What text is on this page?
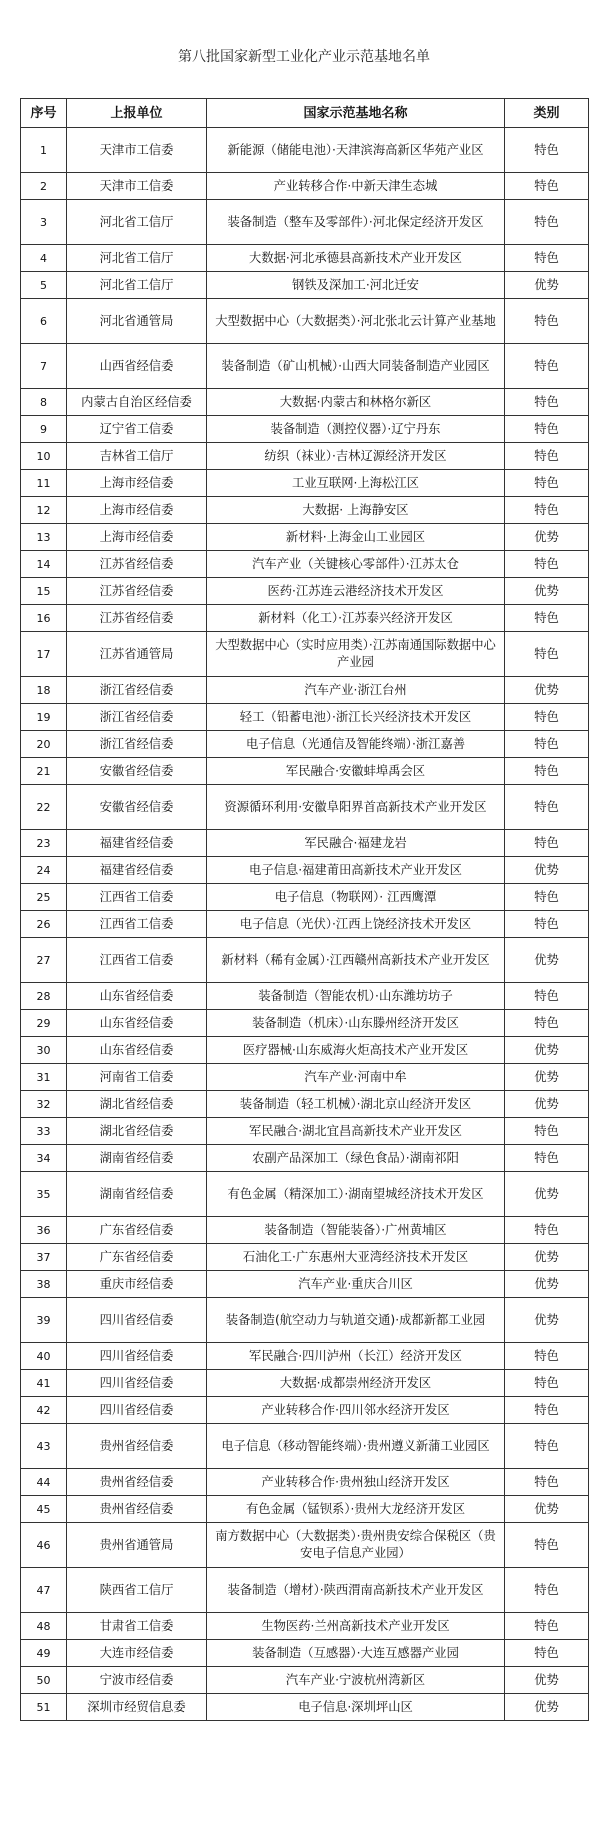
第八批国家新型工业化产业示范基地名单
序号	上报单位	国家示范基地名称	类别
1	天津市工信委	新能源（储能电池）·天津滨海高新区华苑产业区	特色
2	天津市工信委	产业转移合作·中新天津生态城	特色
3	河北省工信厅	装备制造（整车及零部件）·河北保定经济开发区	特色
4	河北省工信厅	大数据·河北承德县高新技术产业开发区	特色
5	河北省工信厅	钢铁及深加工·河北迁安	优势
6	河北省通管局	大型数据中心（大数据类）·河北张北云计算产业基地	特色
7	山西省经信委	装备制造（矿山机械）·山西大同装备制造产业园区	特色
8	内蒙古自治区经信委	大数据·内蒙古和林格尔新区	特色
9	辽宁省工信委	装备制造（测控仪器）·辽宁丹东	特色
10	吉林省工信厅	纺织（袜业）·吉林辽源经济开发区	特色
11	上海市经信委	工业互联网·上海松江区	特色
12	上海市经信委	大数据· 上海静安区	特色
13	上海市经信委	新材料·上海金山工业园区	优势
14	江苏省经信委	汽车产业（关键核心零部件）·江苏太仓	特色
15	江苏省经信委	医药·江苏连云港经济技术开发区	优势
16	江苏省经信委	新材料（化工）·江苏泰兴经济开发区	特色
17	江苏省通管局	大型数据中心（实时应用类）·江苏南通国际数据中心产业园	特色
18	浙江省经信委	汽车产业·浙江台州	优势
19	浙江省经信委	轻工（铅蓄电池）·浙江长兴经济技术开发区	特色
20	浙江省经信委	电子信息（光通信及智能终端）·浙江嘉善	特色
21	安徽省经信委	军民融合·安徽蚌埠禹会区	特色
22	安徽省经信委	资源循环利用·安徽阜阳界首高新技术产业开发区	特色
23	福建省经信委	军民融合·福建龙岩	特色
24	福建省经信委	电子信息·福建莆田高新技术产业开发区	优势
25	江西省工信委	电子信息（物联网）· 江西鹰潭	特色
26	江西省工信委	电子信息（光伏）·江西上饶经济技术开发区	特色
27	江西省工信委	新材料（稀有金属）·江西赣州高新技术产业开发区	优势
28	山东省经信委	装备制造（智能农机）·山东潍坊坊子	特色
29	山东省经信委	装备制造（机床）·山东滕州经济开发区	特色
30	山东省经信委	医疗器械·山东威海火炬高技术产业开发区	优势
31	河南省工信委	汽车产业·河南中牟	优势
32	湖北省经信委	装备制造（轻工机械）·湖北京山经济开发区	优势
33	湖北省经信委	军民融合·湖北宜昌高新技术产业开发区	特色
34	湖南省经信委	农副产品深加工（绿色食品）·湖南祁阳	特色
35	湖南省经信委	有色金属（精深加工）·湖南望城经济技术开发区	优势
36	广东省经信委	装备制造（智能装备）·广州黄埔区	特色
37	广东省经信委	石油化工·广东惠州大亚湾经济技术开发区	优势
38	重庆市经信委	汽车产业·重庆合川区	优势
39	四川省经信委	装备制造(航空动力与轨道交通)·成都新都工业园	优势
40	四川省经信委	军民融合·四川泸州（长江）经济开发区	特色
41	四川省经信委	大数据·成都崇州经济开发区	特色
42	四川省经信委	产业转移合作·四川邻水经济开发区	特色
43	贵州省经信委	电子信息（移动智能终端）·贵州遵义新蒲工业园区	特色
44	贵州省经信委	产业转移合作·贵州独山经济开发区	特色
45	贵州省经信委	有色金属（锰钡系）·贵州大龙经济开发区	优势
46	贵州省通管局	南方数据中心（大数据类）·贵州贵安综合保税区（贵安电子信息产业园）	特色
47	陕西省工信厅	装备制造（增材）·陕西渭南高新技术产业开发区	特色
48	甘肃省工信委	生物医药·兰州高新技术产业开发区	特色
49	大连市经信委	装备制造（互感器）·大连互感器产业园	特色
50	宁波市经信委	汽车产业·宁波杭州湾新区	优势
51	深圳市经贸信息委	电子信息·深圳坪山区	优势
